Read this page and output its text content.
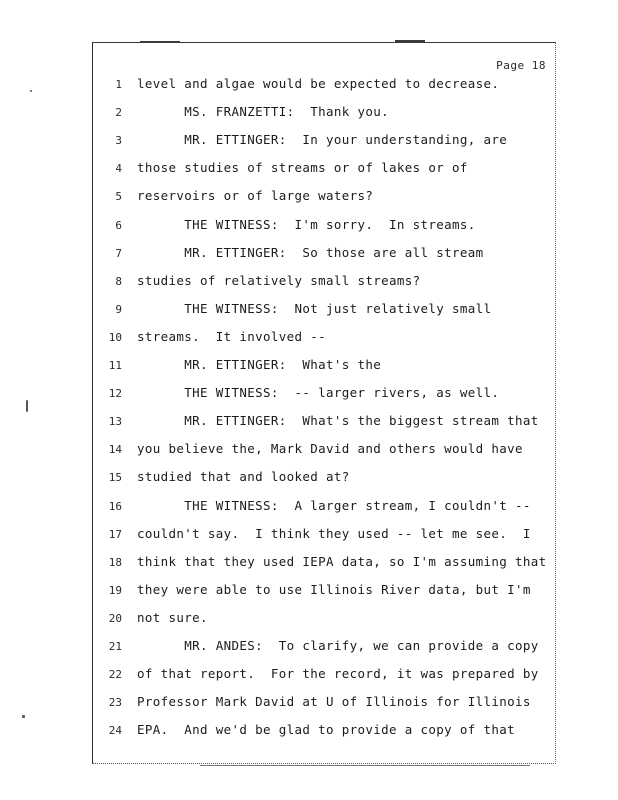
Page 18
1 level and algae would be expected to decrease.
2 MS. FRANZETTI:  Thank you.
3 MR. ETTINGER:  In your understanding, are
4 those studies of streams or of lakes or of
5 reservoirs or of large waters?
6 THE WITNESS:  I'm sorry.  In streams.
7 MR. ETTINGER:  So those are all stream
8 studies of relatively small streams?
9 THE WITNESS:  Not just relatively small
10 streams.  It involved --
11 MR. ETTINGER:  What's the
12 THE WITNESS:  -- larger rivers, as well.
13 MR. ETTINGER:  What's the biggest stream that
14 you believe the, Mark David and others would have
15 studied that and looked at?
16 THE WITNESS:  A larger stream, I couldn't --
17 couldn't say.  I think they used -- let me see.  I
18 think that they used IEPA data, so I'm assuming that
19 they were able to use Illinois River data, but I'm
20 not sure.
21 MR. ANDES:  To clarify, we can provide a copy
22 of that report.  For the record, it was prepared by
23 Professor Mark David at U of Illinois for Illinois
24 EPA.  And we'd be glad to provide a copy of that
